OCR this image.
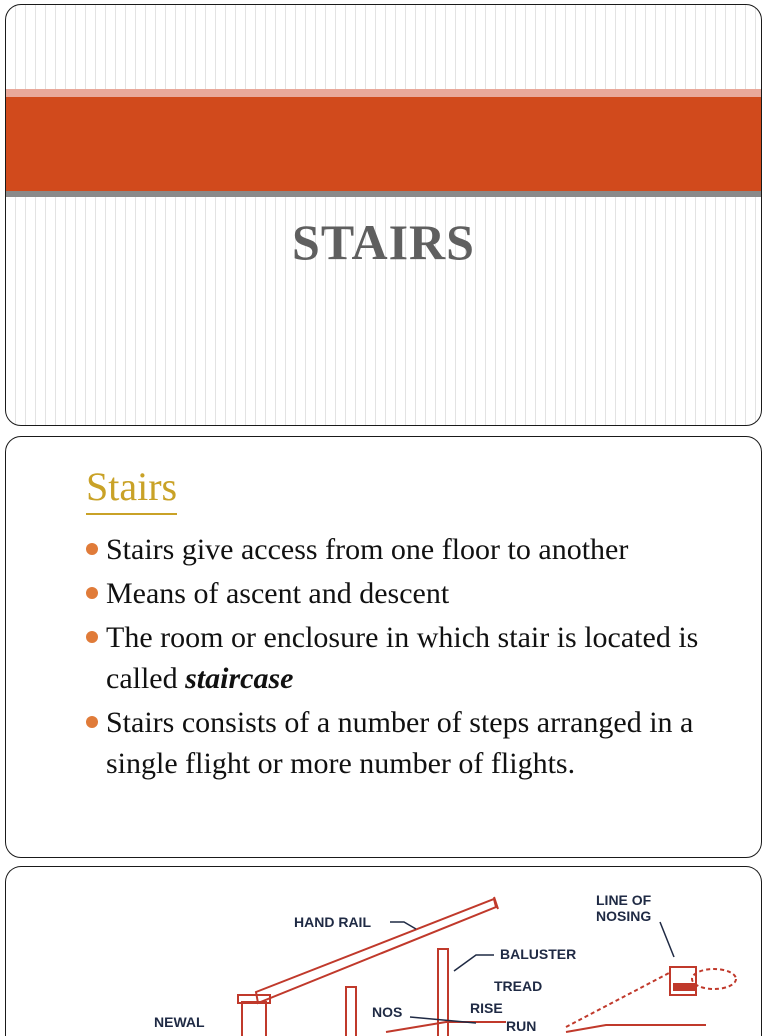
STAIRS
Stairs
Stairs give access from one floor to another
Means of ascent and descent
The room or enclosure in which stair is located is called staircase
Stairs consists of a number of steps arranged in a single flight or more number of flights.
HAND RAIL
BALUSTER
TREAD
RISE
RUN
NOS
NEWAL
LINE OF
NOSING
